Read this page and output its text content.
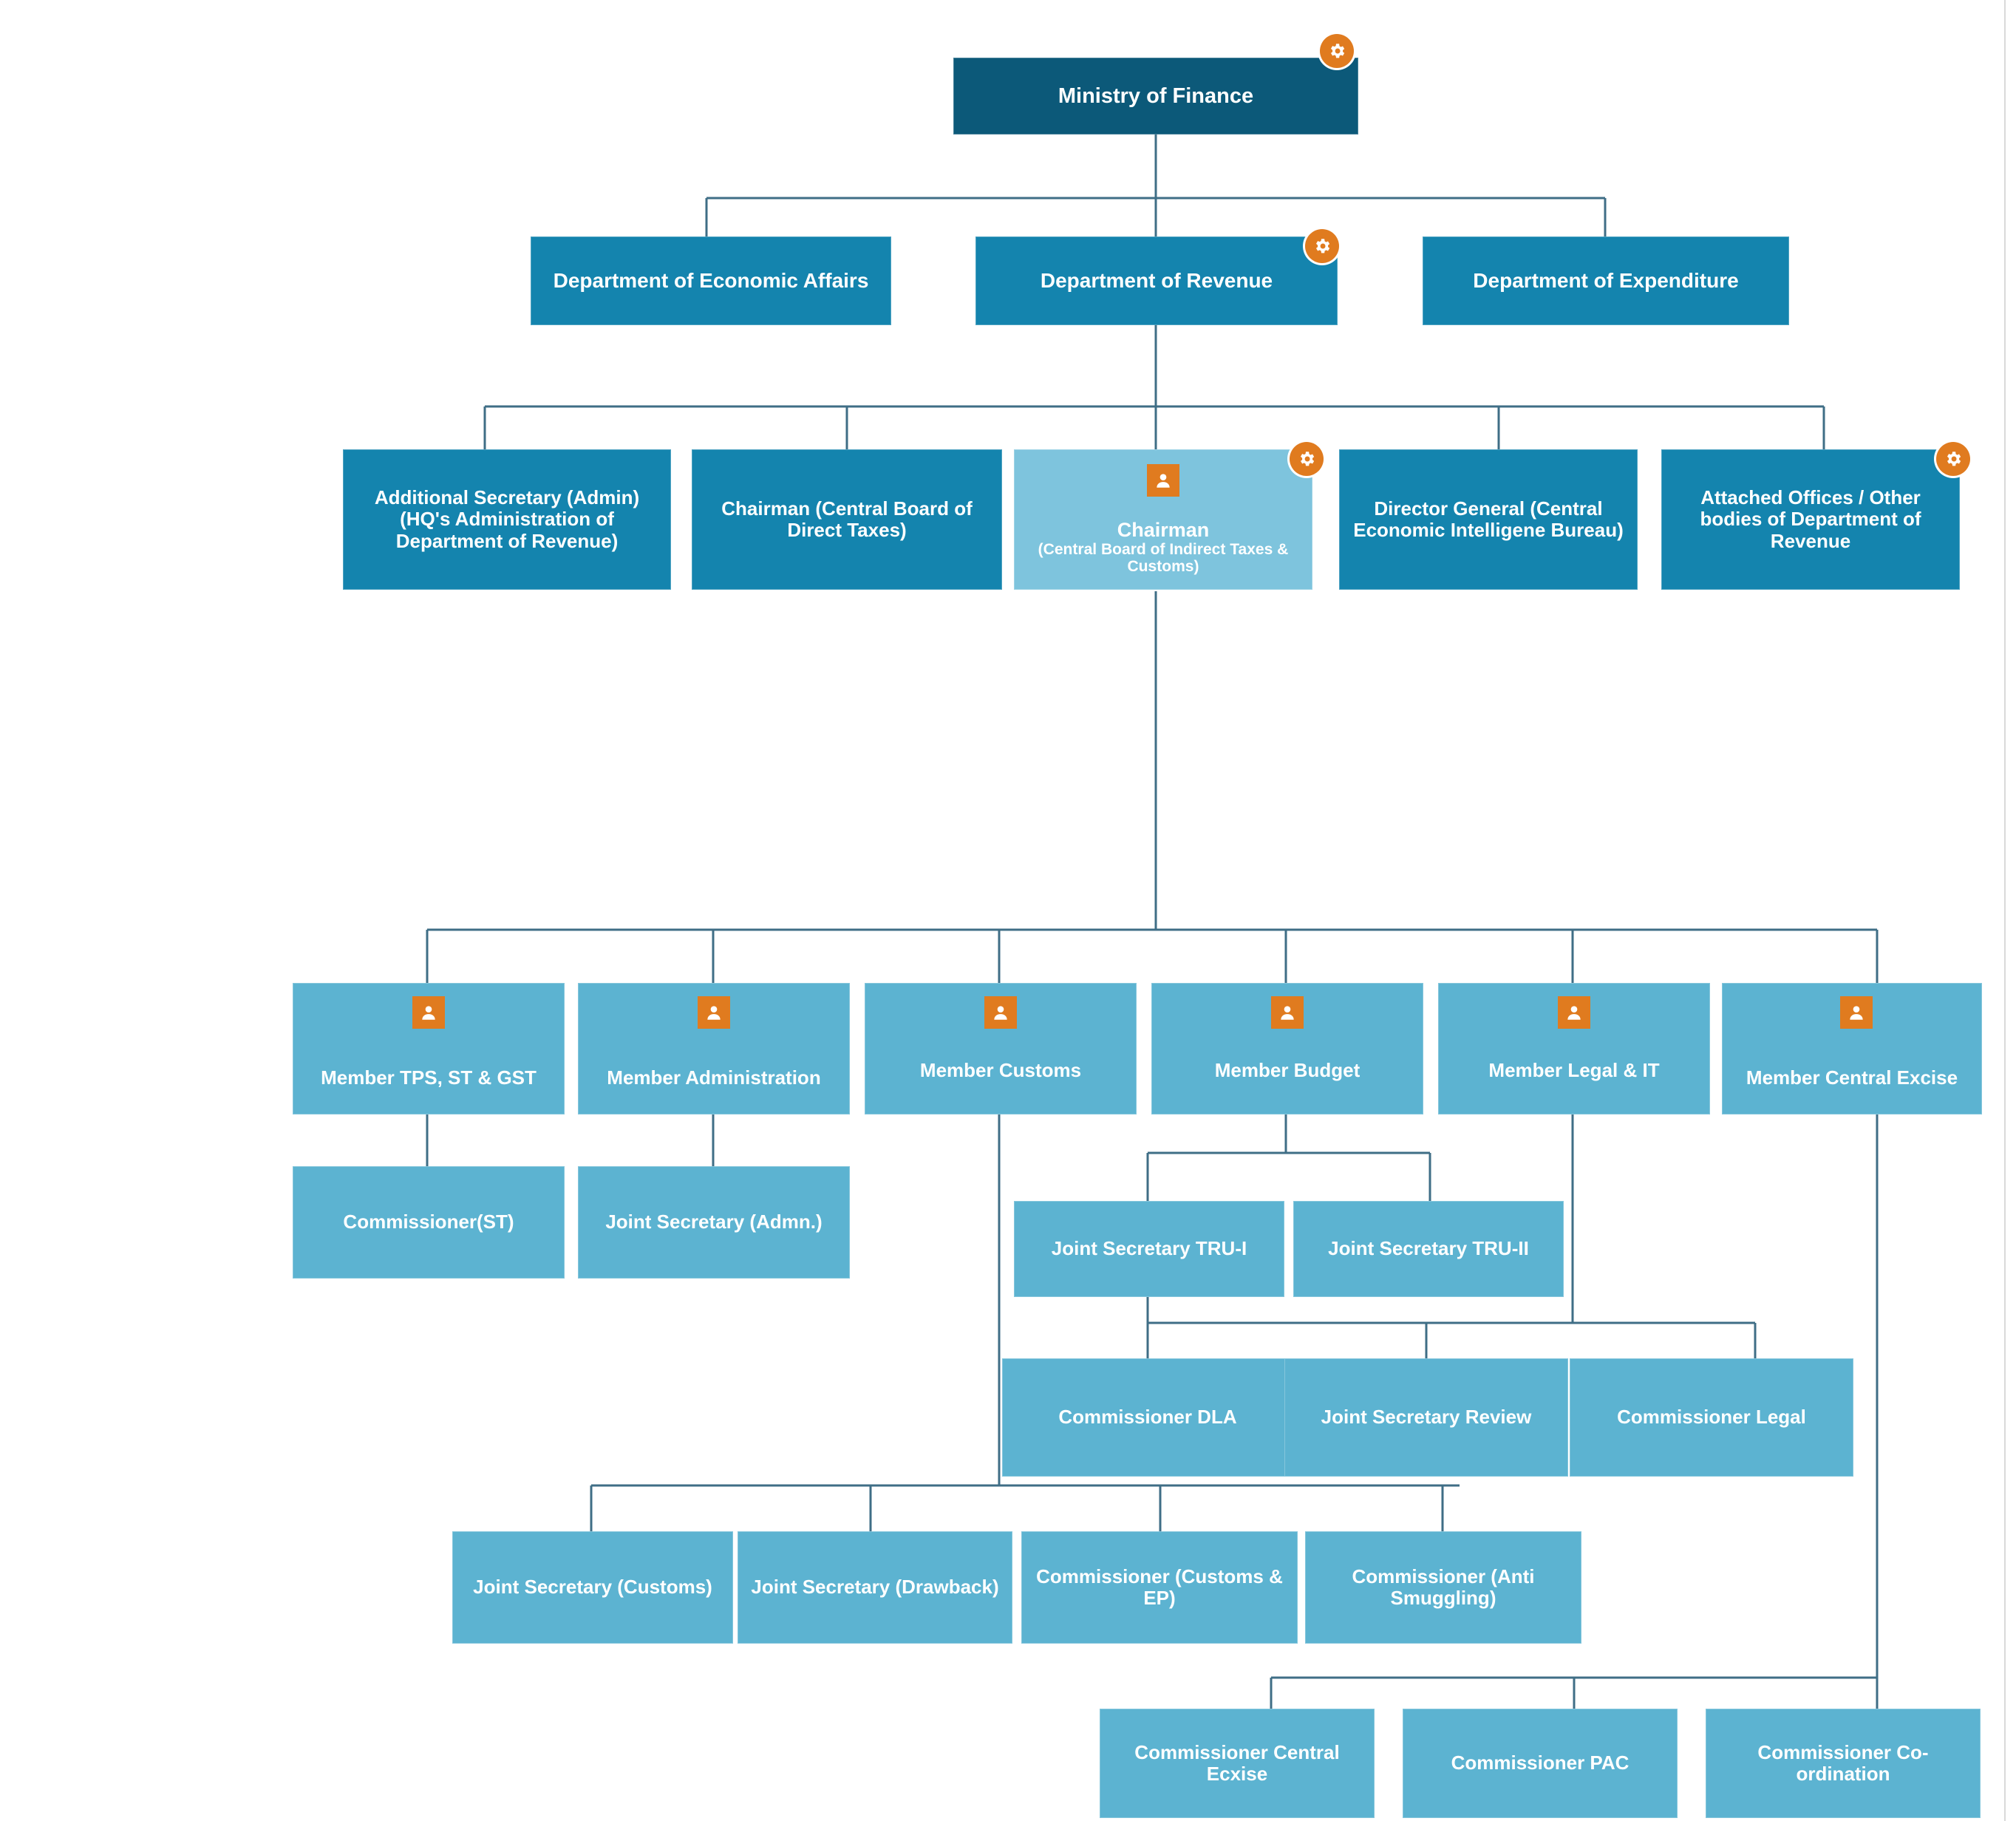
Ministry of Finance
Department of Economic Affairs	Department of Revenue	Department of Expenditure
Additional Secretary (Admin)(HQ's Administration of Department of Revenue)
Chairman (Central Board of Direct Taxes)	Chairman
(Central Board of Indirect Taxes & Customs)
Director General (Central Economic Intelligene Bureau)
Attached Offices / Other bodies of Department of Revenue
Member TPS, ST & GST	Member Administration	Member Customs	Member Budget	Member Legal & IT	Member Central Excise
Commissioner(ST)	Joint Secretary (Admn.)
Joint Secretary TRU-I	Joint Secretary TRU-II
Commissioner DLA	Joint Secretary Review	Commissioner Legal
Joint Secretary (Customs)	Joint Secretary (Drawback)	Commissioner (Customs & EP)
Commissioner (Anti Smuggling)
Commissioner Central Ecxise	Commissioner PAC	Commissioner Co-ordination
